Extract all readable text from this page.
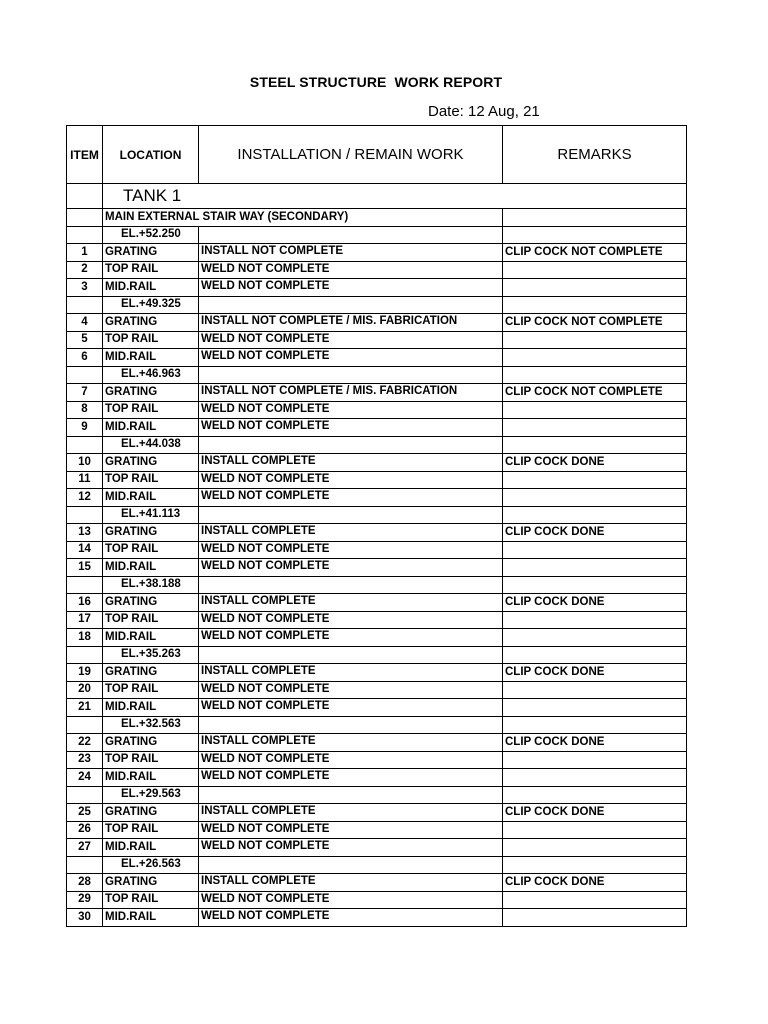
STEEL STRUCTURE  WORK REPORT
Date: 12 Aug, 21
ITEM	LOCATION	INSTALLATION / REMAIN WORK	REMARKS
	TANK 1		
	MAIN EXTERNAL STAIR WAY (SECONDARY)		
	EL.+52.250		
1	GRATING	INSTALL NOT COMPLETE	CLIP COCK NOT COMPLETE
2	TOP RAIL	WELD NOT COMPLETE	
3	MID.RAIL	WELD NOT COMPLETE	
	EL.+49.325		
4	GRATING	INSTALL NOT COMPLETE / MIS. FABRICATION	CLIP COCK NOT COMPLETE
5	TOP RAIL	WELD NOT COMPLETE	
6	MID.RAIL	WELD NOT COMPLETE	
	EL.+46.963		
7	GRATING	INSTALL NOT COMPLETE / MIS. FABRICATION	CLIP COCK NOT COMPLETE
8	TOP RAIL	WELD NOT COMPLETE	
9	MID.RAIL	WELD NOT COMPLETE	
	EL.+44.038		
10	GRATING	INSTALL COMPLETE	CLIP COCK DONE
11	TOP RAIL	WELD NOT COMPLETE	
12	MID.RAIL	WELD NOT COMPLETE	
	EL.+41.113		
13	GRATING	INSTALL COMPLETE	CLIP COCK DONE
14	TOP RAIL	WELD NOT COMPLETE	
15	MID.RAIL	WELD NOT COMPLETE	
	EL.+38.188		
16	GRATING	INSTALL COMPLETE	CLIP COCK DONE
17	TOP RAIL	WELD NOT COMPLETE	
18	MID.RAIL	WELD NOT COMPLETE	
	EL.+35.263		
19	GRATING	INSTALL COMPLETE	CLIP COCK DONE
20	TOP RAIL	WELD NOT COMPLETE	
21	MID.RAIL	WELD NOT COMPLETE	
	EL.+32.563		
22	GRATING	INSTALL COMPLETE	CLIP COCK DONE
23	TOP RAIL	WELD NOT COMPLETE	
24	MID.RAIL	WELD NOT COMPLETE	
	EL.+29.563		
25	GRATING	INSTALL COMPLETE	CLIP COCK DONE
26	TOP RAIL	WELD NOT COMPLETE	
27	MID.RAIL	WELD NOT COMPLETE	
	EL.+26.563		
28	GRATING	INSTALL COMPLETE	CLIP COCK DONE
29	TOP RAIL	WELD NOT COMPLETE	
30	MID.RAIL	WELD NOT COMPLETE	
